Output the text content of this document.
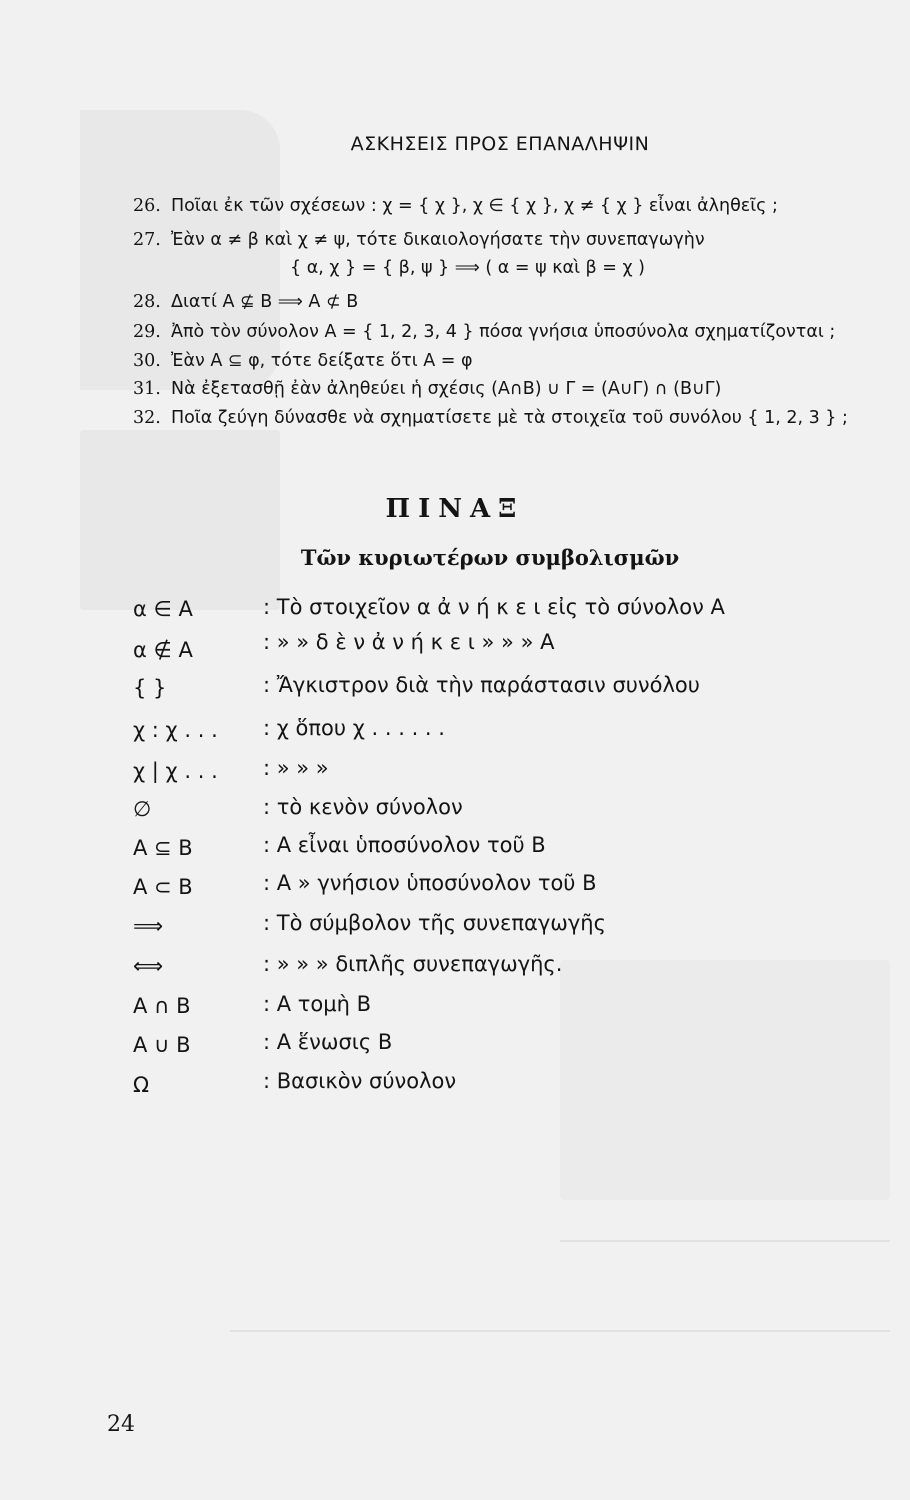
ΑΣΚΗΣΕΙΣ ΠΡΟΣ ΕΠΑΝΑΛΗΨΙΝ
26. Ποῖαι ἐκ τῶν σχέσεων : χ = { χ }, χ ∈ { χ }, χ ≠ { χ } εἶναι ἀληθεῖς ;
27. Ἐὰν α ≠ β καὶ χ ≠ ψ, τότε δικαιολογήσατε τὴν συνεπαγωγὴν
{ α, χ } = { β, ψ } ⟹ ( α = ψ καὶ β = χ )
28. Διατί A ⊈ B ⟹ A ⊄ B
29. Ἀπὸ τὸν σύνολον A = { 1, 2, 3, 4 } πόσα γνήσια ὑποσύνολα σχηματίζονται ;
30. Ἐὰν A ⊆ φ, τότε δείξατε ὅτι A = φ
31. Νὰ ἐξετασθῇ ἐὰν ἀληθεύει ἡ σχέσις (A∩B) ∪ Γ = (A∪Γ) ∩ (B∪Γ)
32. Ποῖα ζεύγη δύνασθε νὰ σχηματίσετε μὲ τὰ στοιχεῖα τοῦ συνόλου { 1, 2, 3 } ;
ΠΙΝΑΞ
Τῶν κυριωτέρων συμβολισμῶν
α ∈ A	: Τὸ στοιχεῖον α ἀ ν ή κ ε ι εἰς τὸ σύνολον A
α ∉ A	: » » δ ὲ ν ἀ ν ή κ ε ι » » » A
{ }	: Ἄγκιστρον διὰ τὴν παράστασιν συνόλου
χ : χ . . . : χ ὅπου χ . . . . . .
χ | χ . . . : » » »
∅	: τὸ κενὸν σύνολον
A ⊆ B	: A εἶναι ὑποσύνολον τοῦ B
A ⊂ B	: A » γνήσιον ὑποσύνολον τοῦ B
⟹	: Τὸ σύμβολον τῆς συνεπαγωγῆς
⟺	: » » » διπλῆς συνεπαγωγῆς.
A ∩ B	: A τομὴ B
A ∪ B	: A ἕνωσις B
Ω	: Βασικὸν σύνολον
24
